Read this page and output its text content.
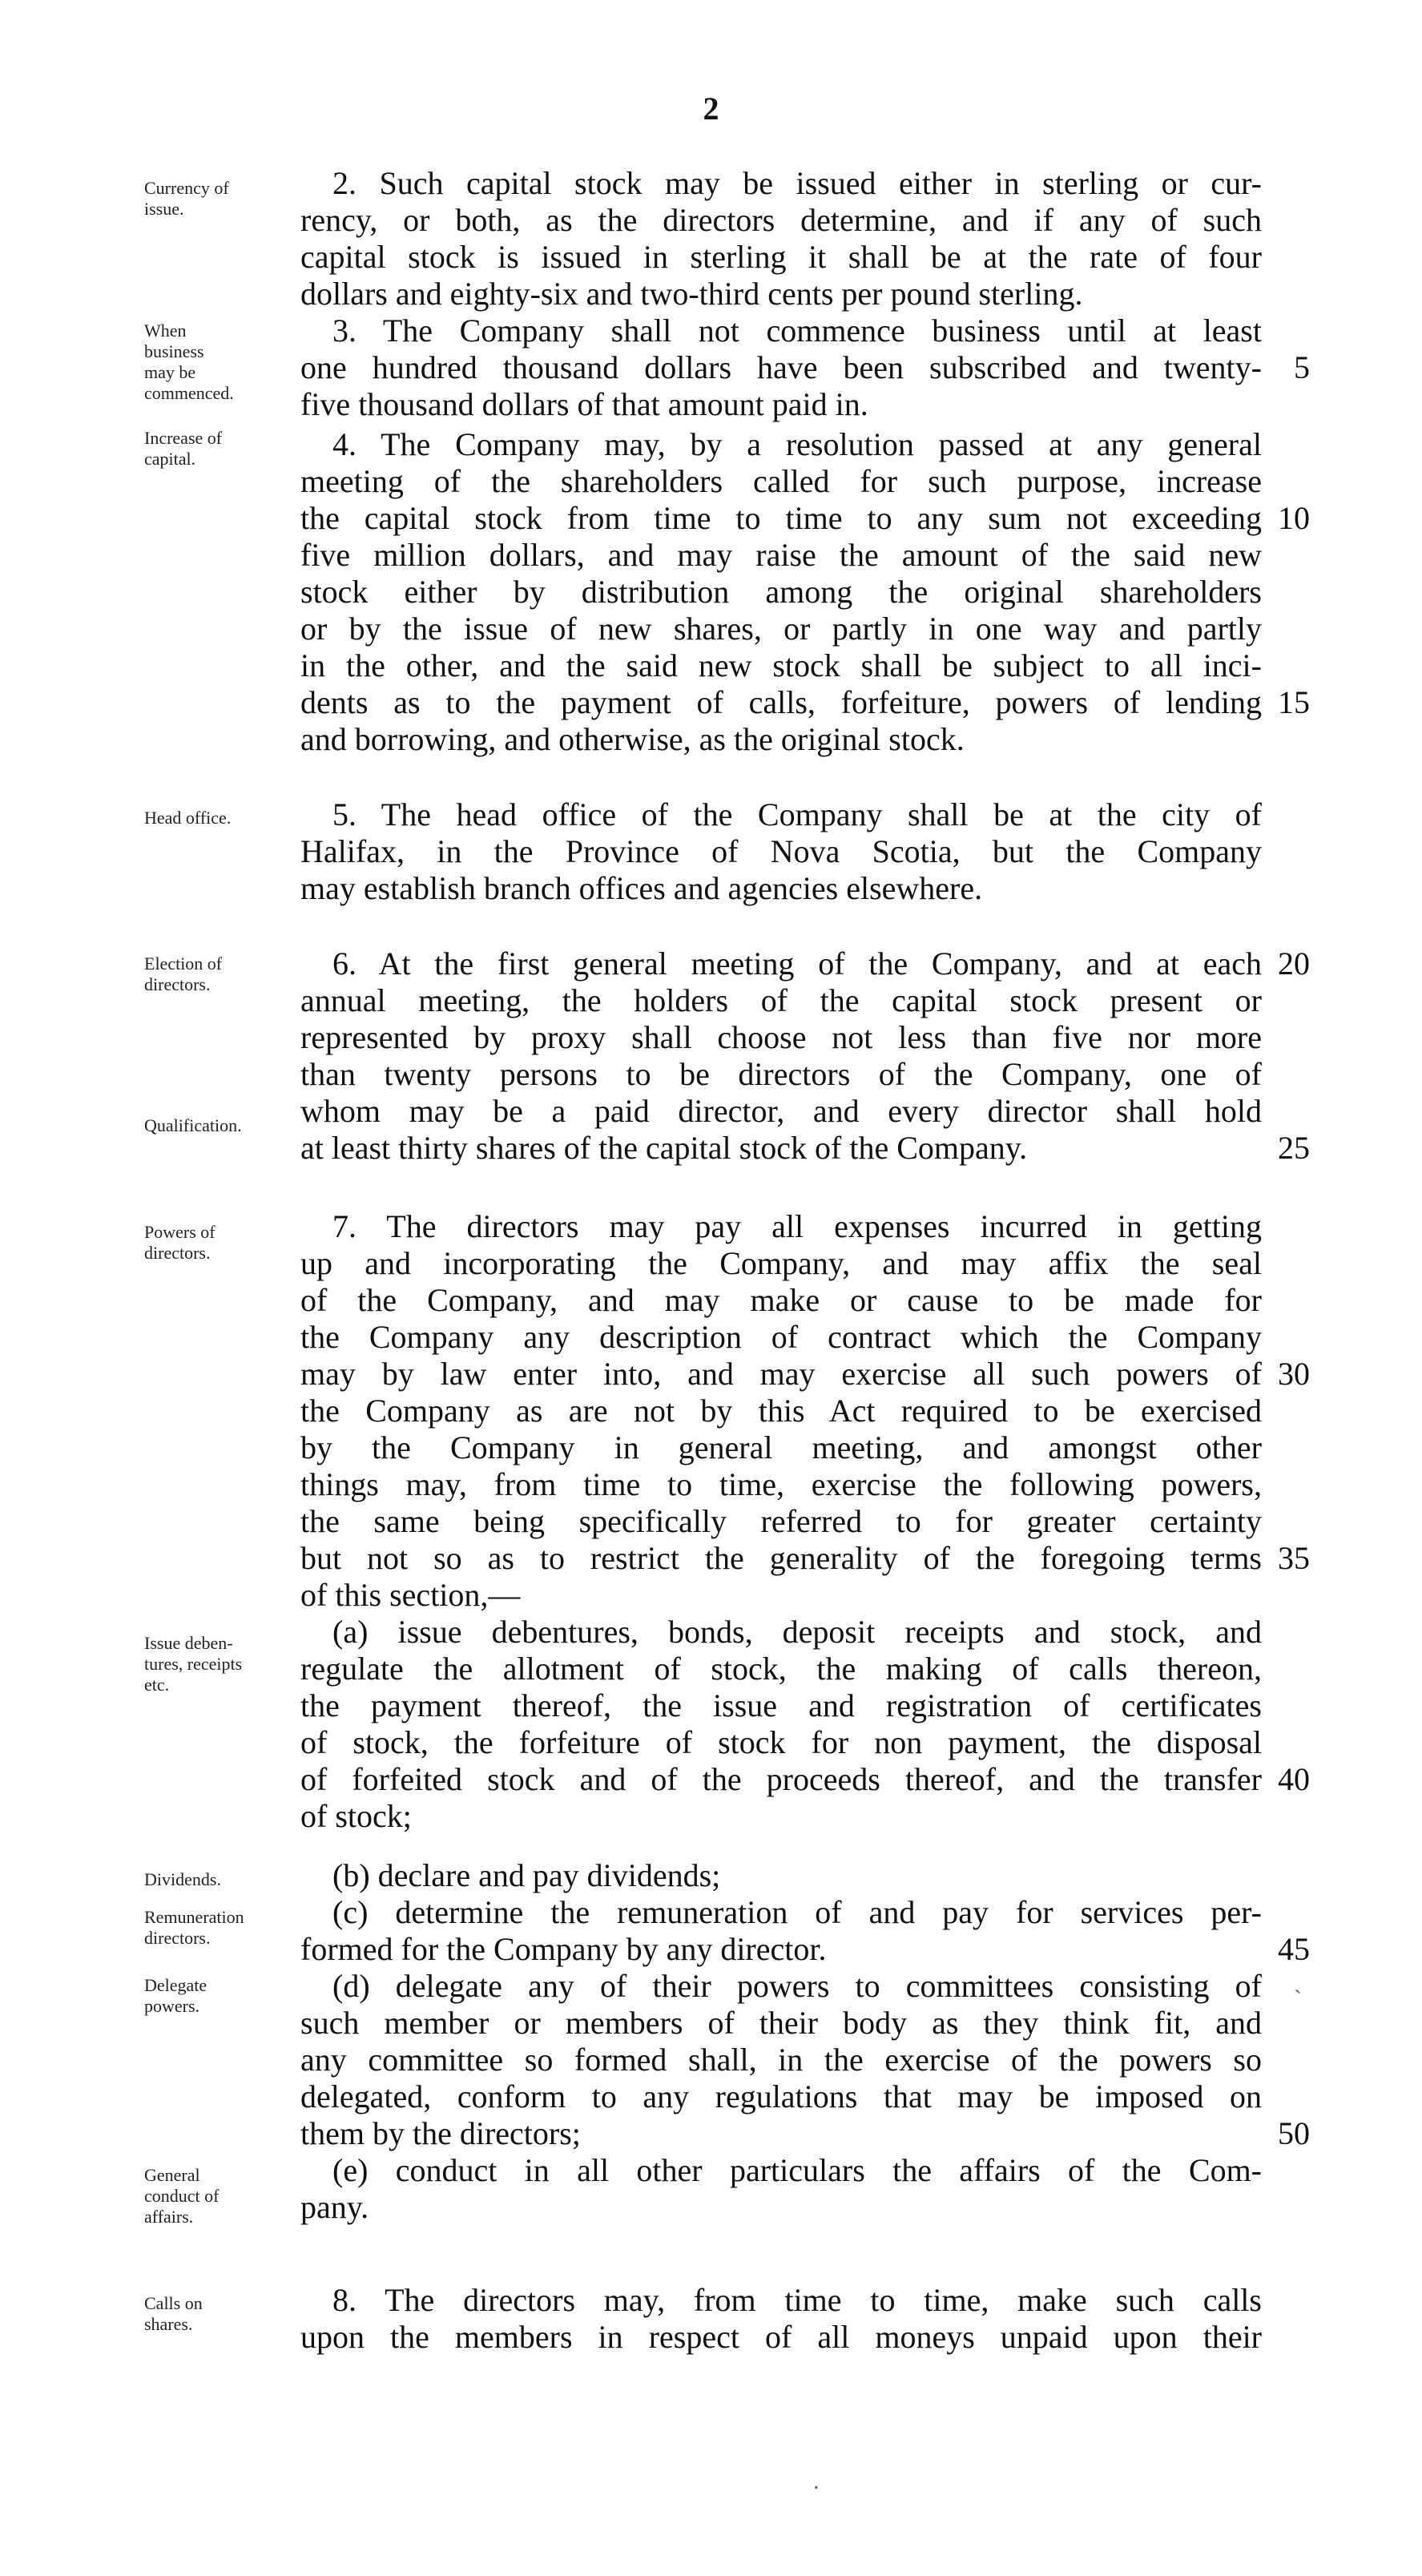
2
Currency of
issue.
When
business
may be
commenced.
Increase of
capital.
Head office.
Election of
directors.
Qualification.
Powers of
directors.
Issue deben-
tures, receipts
etc.
Dividends.
Remuneration
directors.
Delegate
powers.
General
conduct of
affairs.
Calls on
shares.
2. Such capital stock may be issued either in sterling or cur-
rency, or both, as the directors determine, and if any of such
capital stock is issued in sterling it shall be at the rate of four
dollars and eighty-six and two-third cents per pound sterling.
3. The Company shall not commence business until at least
one hundred thousand dollars have been subscribed and twenty-
five thousand dollars of that amount paid in.
4. The Company may, by a resolution passed at any general
meeting of the shareholders called for such purpose, increase
the capital stock from time to time to any sum not exceeding
five million dollars, and may raise the amount of the said new
stock either by distribution among the original shareholders
or by the issue of new shares, or partly in one way and partly
in the other, and the said new stock shall be subject to all inci-
dents as to the payment of calls, forfeiture, powers of lending
and borrowing, and otherwise, as the original stock.
5. The head office of the Company shall be at the city of
Halifax, in the Province of Nova Scotia, but the Company
may establish branch offices and agencies elsewhere.
6. At the first general meeting of the Company, and at each
annual meeting, the holders of the capital stock present or
represented by proxy shall choose not less than five nor more
than twenty persons to be directors of the Company, one of
whom may be a paid director, and every director shall hold
at least thirty shares of the capital stock of the Company.
7. The directors may pay all expenses incurred in getting
up and incorporating the Company, and may affix the seal
of the Company, and may make or cause to be made for
the Company any description of contract which the Company
may by law enter into, and may exercise all such powers of
the Company as are not by this Act required to be exercised
by the Company in general meeting, and amongst other
things may, from time to time, exercise the following powers,
the same being specifically referred to for greater certainty
but not so as to restrict the generality of the foregoing terms
of this section,—
(a) issue debentures, bonds, deposit receipts and stock, and
regulate the allotment of stock, the making of calls thereon,
the payment thereof, the issue and registration of certificates
of stock, the forfeiture of stock for non payment, the disposal
of forfeited stock and of the proceeds thereof, and the transfer
of stock;
(b) declare and pay dividends;
(c) determine the remuneration of and pay for services per-
formed for the Company by any director.
(d) delegate any of their powers to committees consisting of
such member or members of their body as they think fit, and
any committee so formed shall, in the exercise of the powers so
delegated, conform to any regulations that may be imposed on
them by the directors;
(e) conduct in all other particulars the affairs of the Com-
pany.
8. The directors may, from time to time, make such calls
upon the members in respect of all moneys unpaid upon their
5
10
15
20
25
30
35
40
45
50
`
.
